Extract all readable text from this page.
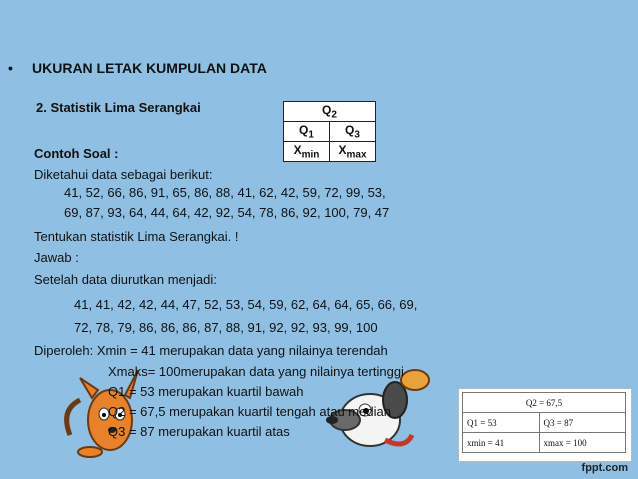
• UKURAN LETAK KUMPULAN DATA
2. Statistik Lima Serangkai	$Q_2$
$Q_1$	$Q_3$
$X_{min}$	$X_{max}$
Contoh Soal :
Diketahui data sebagai berikut:
41, 52, 66, 86, 91, 65, 86, 88, 41, 62, 42, 59, 72, 99, 53,
69, 87, 93, 64, 44, 64, 42, 92, 54, 78, 86, 92, 100, 79, 47
Tentukan statistik Lima Serangkai. !
Jawab :
Setelah data diurutkan menjadi:
41, 41, 42, 42, 44, 47, 52, 53, 54, 59, 62, 64, 64, 65, 66, 69,
72, 78, 79, 86, 86, 86, 87, 88, 91, 92, 92, 93, 99, 100
Diperoleh: Xmin = 41 merupakan data yang nilainya terendah
Xmaks= 100merupakan data yang nilainya tertinggi
Q1 = 53 merupakan kuartil bawah
Q2 = 67,5 merupakan kuartil tengah atau median
Q3 = 87 merupakan kuartil atas
Q2 = 67,5	
Q1 = 53	Q3 = 87
xmin = 41	xmax = 100
fppt.com
